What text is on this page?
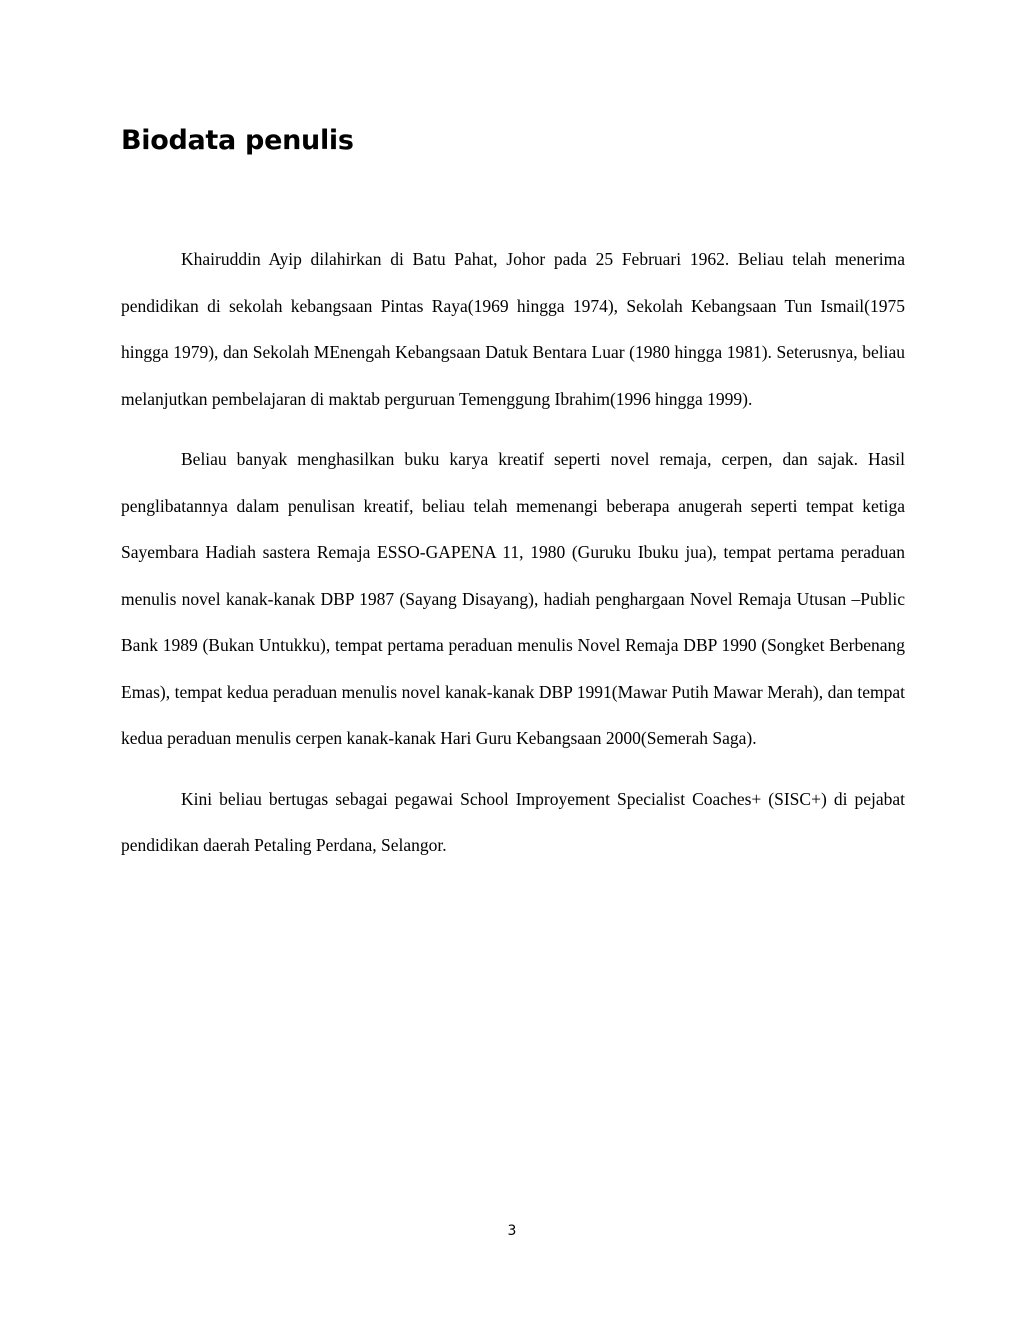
Biodata penulis

Khairuddin Ayip dilahirkan di Batu Pahat, Johor pada 25 Februari 1962. Beliau telah menerima pendidikan di sekolah kebangsaan Pintas Raya(1969 hingga 1974), Sekolah Kebangsaan Tun Ismail(1975 hingga 1979), dan Sekolah MEnengah Kebangsaan Datuk Bentara Luar (1980 hingga 1981). Seterusnya, beliau melanjutkan pembelajaran di maktab perguruan Temenggung Ibrahim(1996 hingga 1999).

Beliau banyak menghasilkan buku karya kreatif seperti novel remaja, cerpen, dan sajak. Hasil penglibatannya dalam penulisan kreatif, beliau telah memenangi beberapa anugerah seperti tempat ketiga Sayembara Hadiah sastera Remaja ESSO-GAPENA 11, 1980 (Guruku Ibuku jua), tempat pertama peraduan menulis novel kanak-kanak DBP 1987 (Sayang Disayang), hadiah penghargaan Novel Remaja Utusan –Public Bank 1989 (Bukan Untukku), tempat pertama peraduan menulis Novel Remaja DBP 1990 (Songket Berbenang Emas), tempat kedua peraduan menulis novel kanak-kanak DBP 1991(Mawar Putih Mawar Merah), dan tempat kedua peraduan menulis cerpen kanak-kanak Hari Guru Kebangsaan 2000(Semerah Saga).

Kini beliau bertugas sebagai pegawai School Improyement Specialist Coaches+ (SISC+) di pejabat pendidikan daerah Petaling Perdana, Selangor.

3
